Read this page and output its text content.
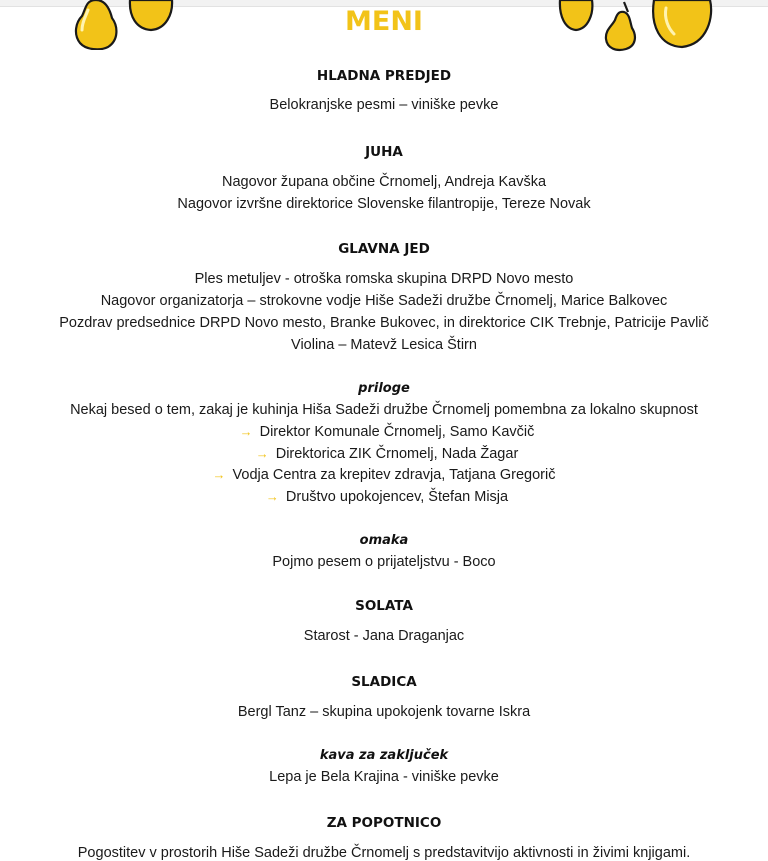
MENI
HLADNA PREDJED
Belokranjske pesmi – viniške pevke
JUHA
Nagovor župana občine Črnomelj, Andreja Kavška
Nagovor izvršne direktorice Slovenske filantropije, Tereze Novak
GLAVNA JED
Ples metuljev - otroška romska skupina DRPD Novo mesto
Nagovor organizatorja – strokovne vodje Hiše Sadeži družbe Črnomelj, Marice Balkovec
Pozdrav predsednice DRPD Novo mesto, Branke Bukovec, in direktorice CIK Trebnje, Patricije Pavlič
Violina – Matevž Lesica Štirn
priloge
Nekaj besed o tem, zakaj je kuhinja Hiša Sadeži družbe Črnomelj pomembna za lokalno skupnost
→ Direktor Komunale Črnomelj, Samo Kavčič
→ Direktorica ZIK Črnomelj, Nada Žagar
→ Vodja Centra za krepitev zdravja, Tatjana Gregorič
→ Društvo upokojencev, Štefan Misja
omaka
Pojmo pesem o prijateljstvu - Boco
SOLATA
Starost - Jana Draganjac
SLADICA
Bergl Tanz – skupina upokojenk tovarne Iskra
kava za zaključek
Lepa je Bela Krajina - viniške pevke
ZA POPOTNICO
Pogostitev v prostorih Hiše Sadeži družbe Črnomelj s predstavitvijo aktivnosti in živimi knjigami.
